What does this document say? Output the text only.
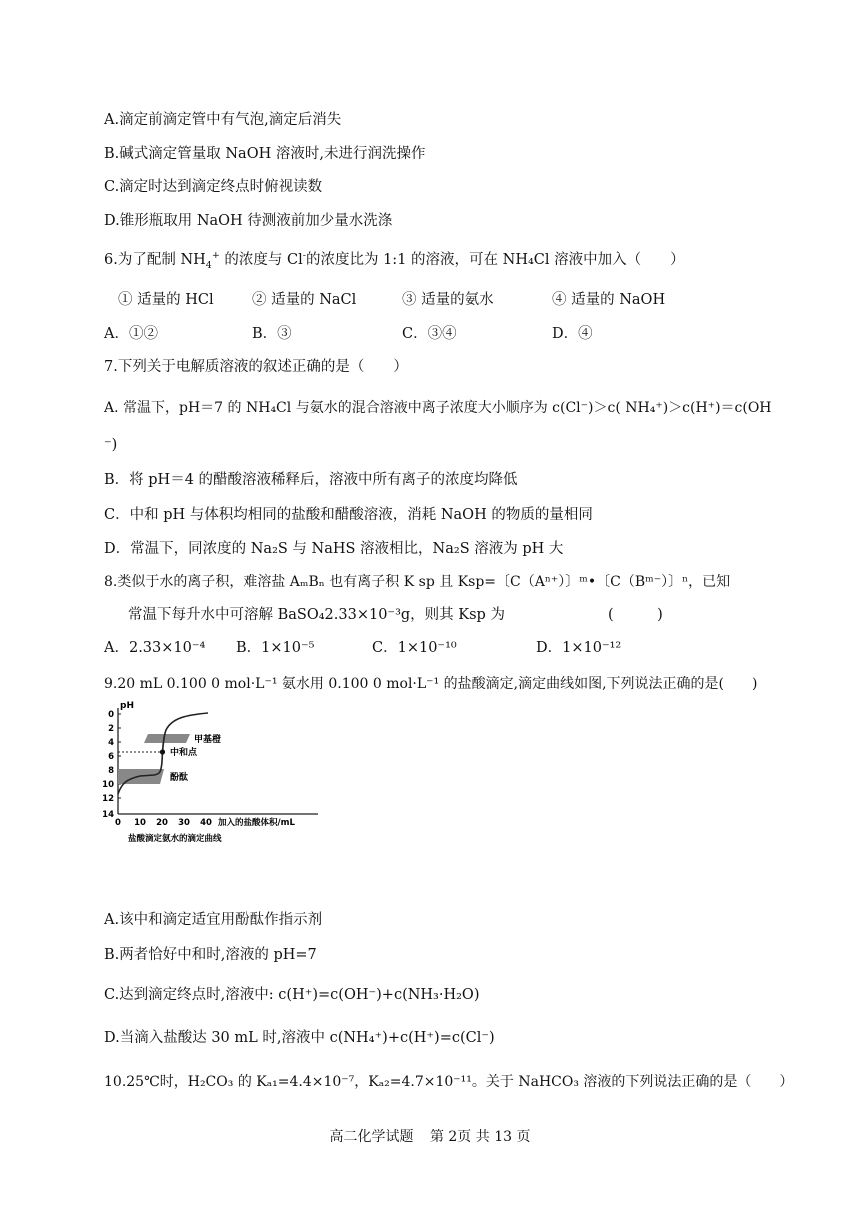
A.滴定前滴定管中有气泡,滴定后消失
B.碱式滴定管量取 NaOH 溶液时,未进行润洗操作
C.滴定时达到滴定终点时俯视读数
D.锥形瓶取用 NaOH 待测液前加少量水洗涤
6.为了配制 $NH_4^+$ 的浓度与 Cl-的浓度比为 1:1 的溶液，可在 NH₄Cl 溶液中加入（　　）
① 适量的 HCl	② 适量的 NaCl	③ 适量的氨水	④ 适量的 NaOH
A．①②	B．③	C．③④	D．④
7.下列关于电解质溶液的叙述正确的是（　　）
A. 常温下，pH＝7 的 NH₄Cl 与氨水的混合溶液中离子浓度大小顺序为 c(Cl⁻)＞c( NH₄⁺)＞c(H⁺)＝c(OH
⁻)
B．将 pH＝4 的醋酸溶液稀释后，溶液中所有离子的浓度均降低
C．中和 pH 与体积均相同的盐酸和醋酸溶液，消耗 NaOH 的物质的量相同
D．常温下，同浓度的 Na₂S 与 NaHS 溶液相比，Na₂S 溶液为 pH 大
8.类似于水的离子积，难溶盐 AₘBₙ 也有离子积 K sp 且 Ksp=〔C（Aⁿ⁺）〕ᵐ•〔C（Bᵐ⁻）〕ⁿ，已知
常温下每升水中可溶解 BaSO₄2.33×10⁻³g，则其 Ksp 为	(　　　)
A．2.33×10⁻⁴ B．1×10⁻⁵	C．1×10⁻¹⁰	D．1×10⁻¹²
9.20 mL 0.100 0 mol·L⁻¹ 氨水用 0.100 0 mol·L⁻¹ 的盐酸滴定,滴定曲线如图,下列说法正确的是(　　)
pH
0
2
4
6
8
10
12
14
0 10 20 30 40 加入的盐酸体积/mL
盐酸滴定氨水的滴定曲线
甲基橙
中和点
酚酞
A.该中和滴定适宜用酚酞作指示剂
B.两者恰好中和时,溶液的 pH=7
C.达到滴定终点时,溶液中: c(H⁺)=c(OH⁻)+c(NH₃·H₂O)
D.当滴入盐酸达 30 mL 时,溶液中 c(NH₄⁺)+c(H⁺)=c(Cl⁻)
10.25℃时，H₂CO₃ 的 Kₐ₁=4.4×10⁻⁷，Kₐ₂=4.7×10⁻¹¹。关于 NaHCO₃ 溶液的下列说法正确的是（　　）
高二化学试题 第 2页 共 13 页
